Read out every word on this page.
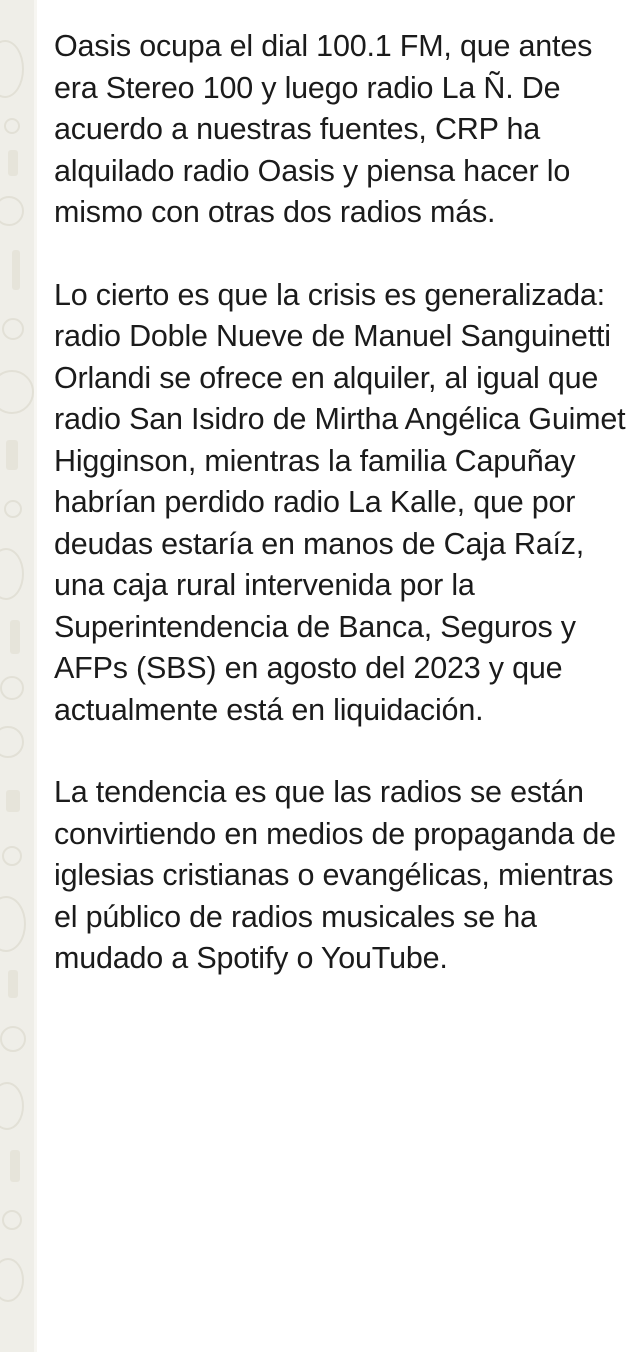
Oasis ocupa el dial 100.1 FM, que antes era Stereo 100 y luego radio La Ñ. De acuerdo a nuestras fuentes, CRP ha alquilado radio Oasis y piensa hacer lo mismo con otras dos radios más.

Lo cierto es que la crisis es generalizada: radio Doble Nueve de Manuel Sanguinetti Orlandi se ofrece en alquiler, al igual que radio San Isidro de Mirtha Angélica Guimet Higginson, mientras la familia Capuñay habrían perdido radio La Kalle, que por deudas estaría en manos de Caja Raíz, una caja rural intervenida por la Superintendencia de Banca, Seguros y AFPs (SBS) en agosto del 2023 y que actualmente está en liquidación.

La tendencia es que las radios se están convirtiendo en medios de propaganda de iglesias cristianas o evangélicas, mientras el público de radios musicales se ha mudado a Spotify o YouTube.
